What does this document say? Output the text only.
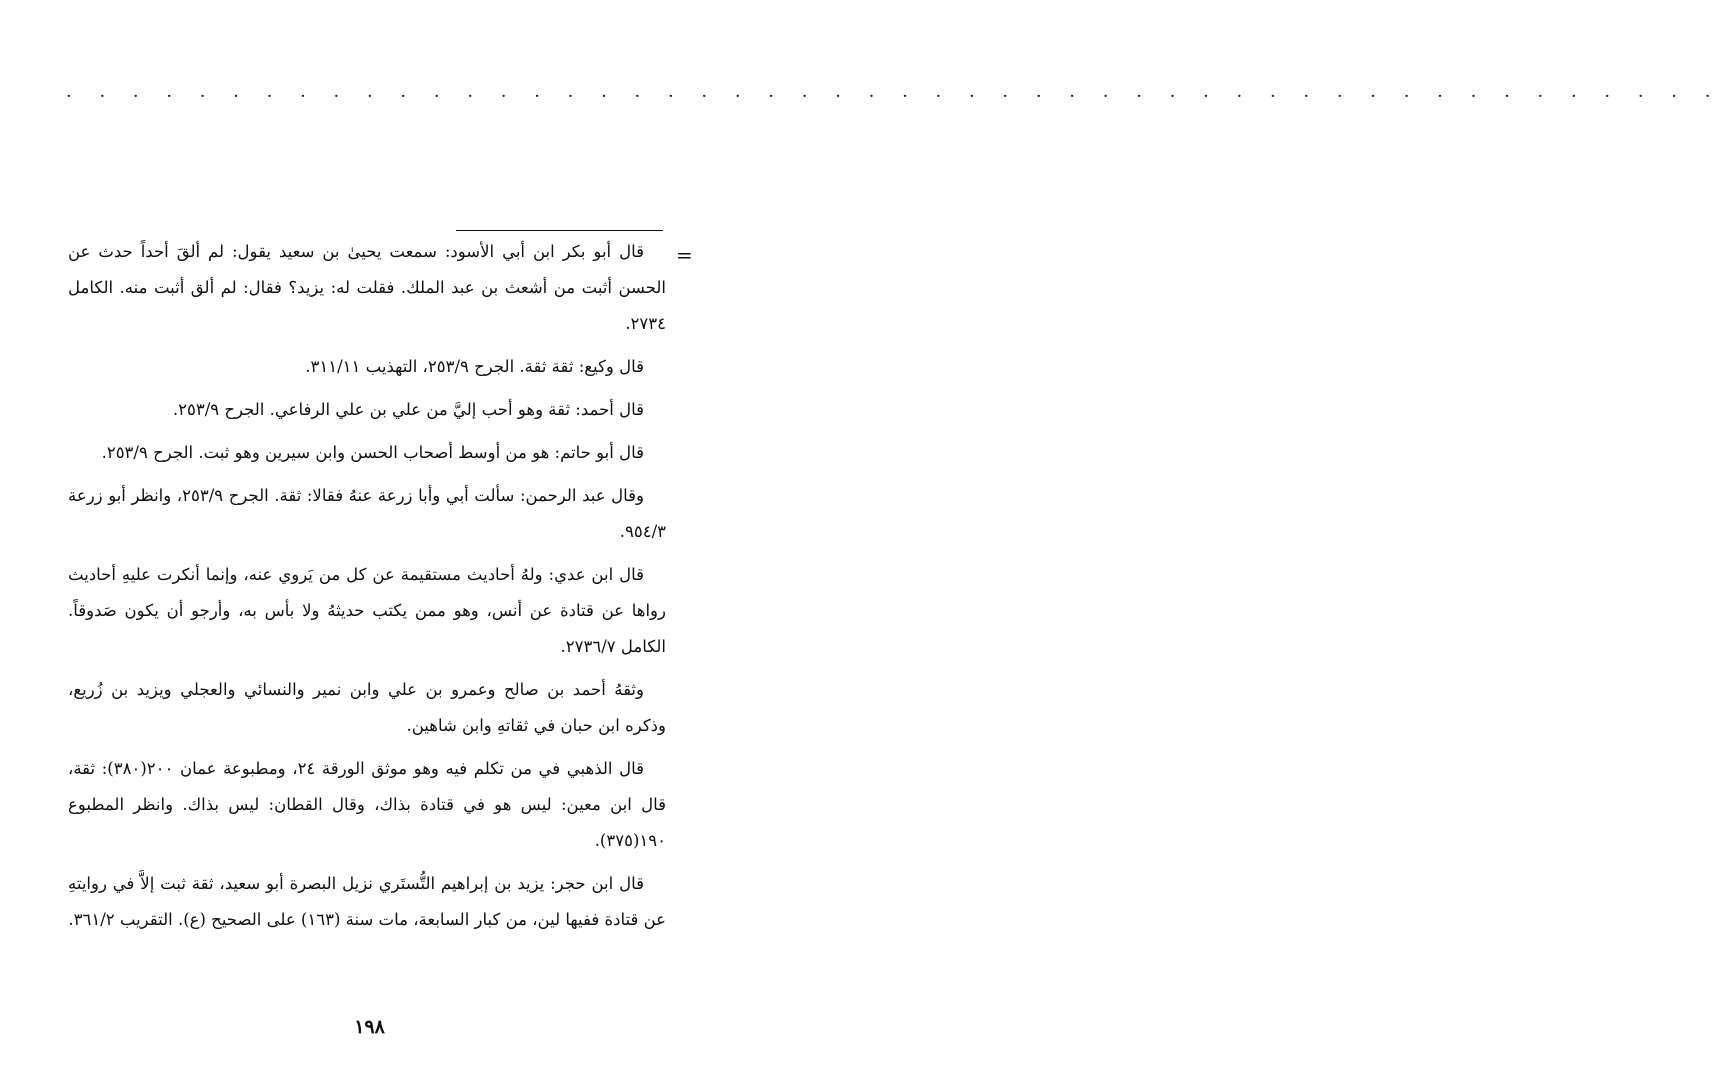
· · · · · · · · · · · · · · · · · · · · · · · · · · · · · · · · · · · · · · · · · · · · · · · · · ·
=

قال أبو بكر ابن أبي الأسود: سمعت يحيىٰ بن سعيد يقول: لم ألقَ أحداً حدث عن الحسن أثبت من أشعث بن عبد الملك. فقلت له: يزيد؟ فقال: لم ألق أثبت منه. الكامل ٢٧٣٤.

قال وكيع: ثقة ثقة. الجرح ٢٥٣/٩، التهذيب ٣١١/١١.

قال أحمد: ثقة وهو أحب إليَّ من علي بن علي الرفاعي. الجرح ٢٥٣/٩.

قال أبو حاتم: هو من أوسط أصحاب الحسن وابن سيرين وهو ثبت. الجرح ٢٥٣/٩.

وقال عبد الرحمن: سألت أبي وأبا زرعة عنهُ فقالا: ثقة. الجرح ٢٥٣/٩، وانظر أبو زرعة ٩٥٤/٣.

قال ابن عدي: ولهُ أحاديث مستقيمة عن كل من يَروي عنه، وإنما أنكرت عليهِ أحاديث رواها عن قتادة عن أنس، وهو ممن يكتب حديثهُ ولا بأس به، وأرجو أن يكون صَدوقاً. الكامل ٢٧٣٦/٧.

وثقهُ أحمد بن صالح وعمرو بن علي وابن نمير والنسائي والعجلي ويزيد بن زُريع، وذكره ابن حبان في ثقاتهِ وابن شاهين.

قال الذهبي في من تكلم فيه وهو موثق الورقة ٢٤، ومطبوعة عمان ٢٠٠(٣٨٠): ثقة، قال ابن معين: ليس هو في قتادة بذاك، وقال القطان: ليس بذاك. وانظر المطبوع ١٩٠(٣٧٥).

قال ابن حجر: يزيد بن إبراهيم التُّستَري نزيل البصرة أبو سعيد، ثقة ثبت إلاَّ في روايتهِ عن قتادة ففيها لين، من كبار السابعة، مات سنة (١٦٣) على الصحيح (ع). التقريب ٣٦١/٢.

١٩٨
